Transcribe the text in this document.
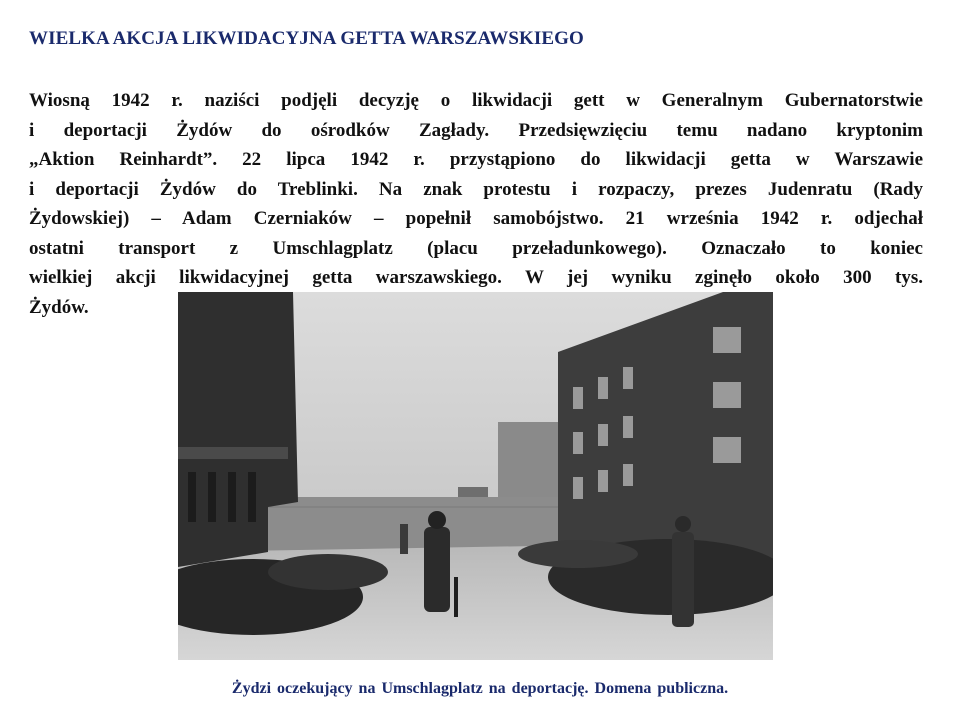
WIELKA AKCJA LIKWIDACYJNA GETTA WARSZAWSKIEGO
Wiosną 1942 r. naziści podjęli decyzję o likwidacji gett w Generalnym Gubernatorstwie
i deportacji Żydów do ośrodków Zagłady. Przedsięwzięciu temu nadano kryptonim
„Aktion Reinhardt”. 22 lipca 1942 r. przystąpiono do likwidacji getta w Warszawie
i deportacji Żydów do Treblinki. Na znak protestu i rozpaczy, prezes Judenratu (Rady
Żydowskiej) – Adam Czerniaków – popełnił samobójstwo. 21 września 1942 r. odjechał
ostatni transport z Umschlagplatz (placu przeładunkowego). Oznaczało to koniec
wielkiej akcji likwidacyjnej getta warszawskiego. W jej wyniku zginęło około 300 tys.
Żydów.
Żydzi oczekujący na Umschlagplatz na deportację. Domena publiczna.
